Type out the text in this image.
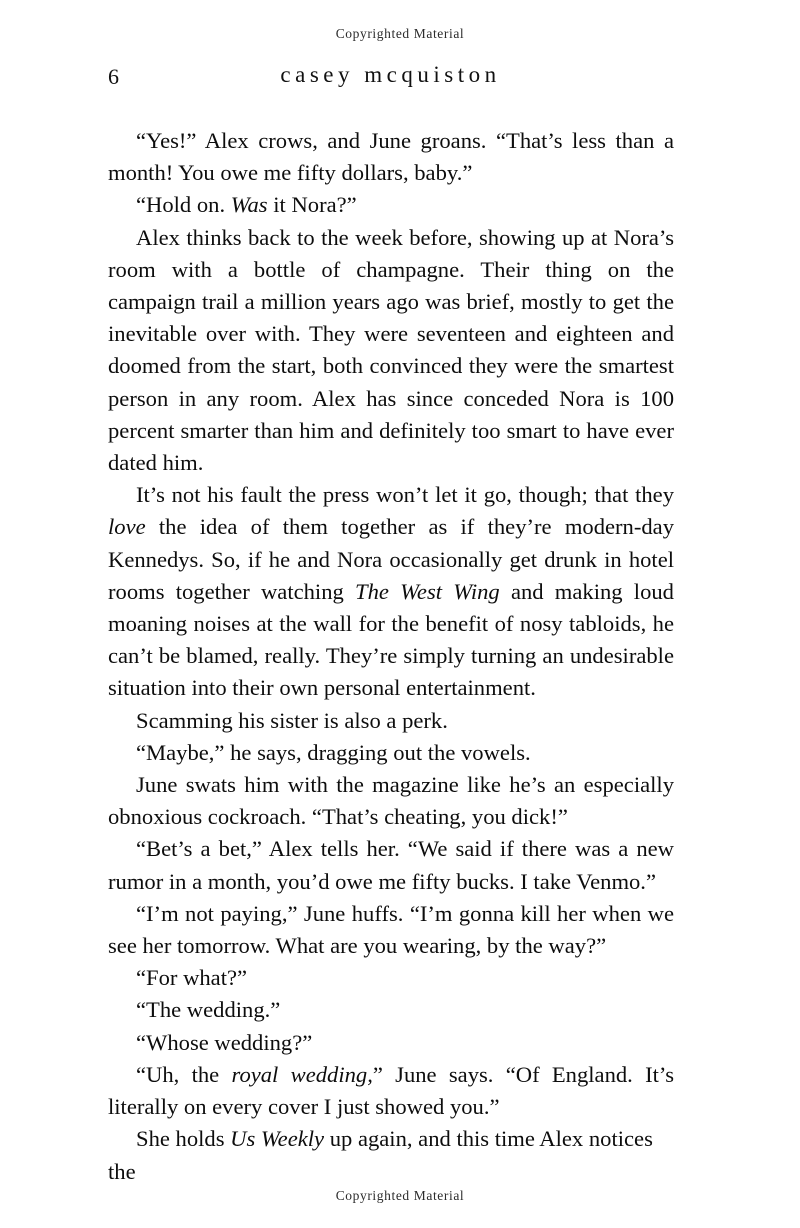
Copyrighted Material
6	casey mcquiston

“Yes!” Alex crows, and June groans. “That’s less than a month! You owe me fifty dollars, baby.”

“Hold on. Was it Nora?”

Alex thinks back to the week before, showing up at Nora’s room with a bottle of champagne. Their thing on the campaign trail a million years ago was brief, mostly to get the inevitable over with. They were seventeen and eighteen and doomed from the start, both convinced they were the smartest person in any room. Alex has since conceded Nora is 100 percent smarter than him and definitely too smart to have ever dated him.

It’s not his fault the press won’t let it go, though; that they love the idea of them together as if they’re modern-day Kennedys. So, if he and Nora occasionally get drunk in hotel rooms together watching The West Wing and making loud moaning noises at the wall for the benefit of nosy tabloids, he can’t be blamed, really. They’re simply turning an undesirable situation into their own personal entertainment.

Scamming his sister is also a perk.

“Maybe,” he says, dragging out the vowels.

June swats him with the magazine like he’s an especially obnoxious cockroach. “That’s cheating, you dick!”

“Bet’s a bet,” Alex tells her. “We said if there was a new rumor in a month, you’d owe me fifty bucks. I take Venmo.”

“I’m not paying,” June huffs. “I’m gonna kill her when we see her tomorrow. What are you wearing, by the way?”

“For what?”

“The wedding.”

“Whose wedding?”

“Uh, the royal wedding,” June says. “Of England. It’s literally on every cover I just showed you.”

She holds Us Weekly up again, and this time Alex notices the

Copyrighted Material
